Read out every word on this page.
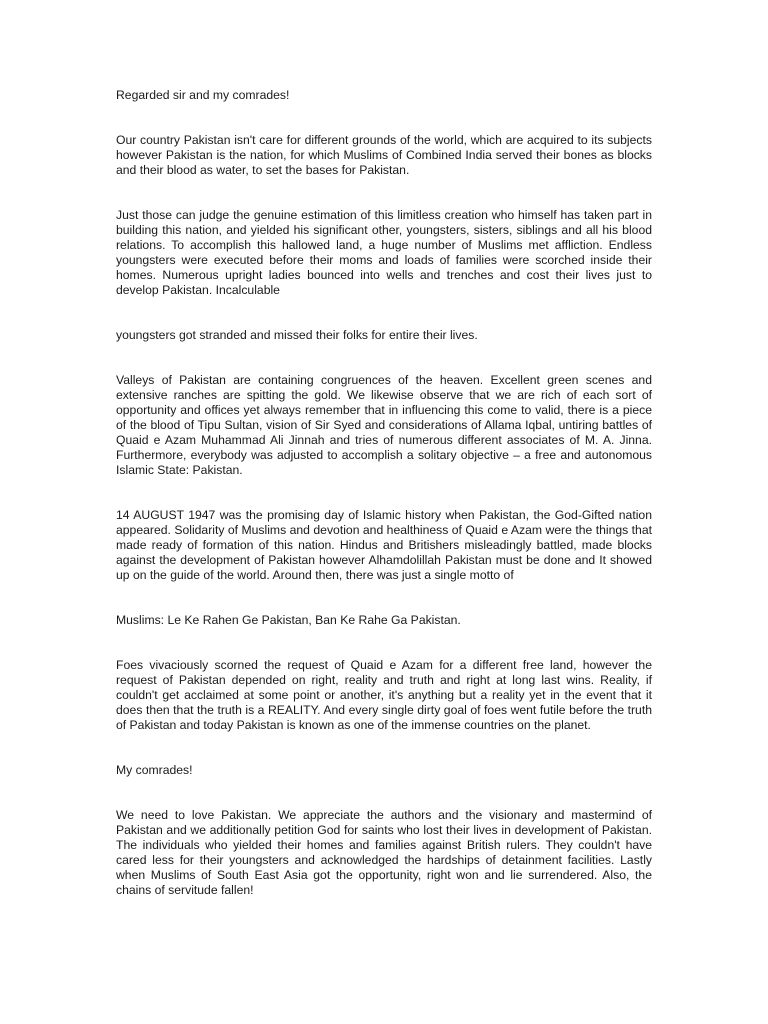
Regarded sir and my comrades!

Our country Pakistan isn't care for different grounds of the world, which are acquired to its subjects however Pakistan is the nation, for which Muslims of Combined India served their bones as blocks and their blood as water, to set the bases for Pakistan.

Just those can judge the genuine estimation of this limitless creation who himself has taken part in building this nation, and yielded his significant other, youngsters, sisters, siblings and all his blood relations. To accomplish this hallowed land, a huge number of Muslims met affliction. Endless youngsters were executed before their moms and loads of families were scorched inside their homes. Numerous upright ladies bounced into wells and trenches and cost their lives just to develop Pakistan. Incalculable

youngsters got stranded and missed their folks for entire their lives.

Valleys of Pakistan are containing congruences of the heaven. Excellent green scenes and extensive ranches are spitting the gold. We likewise observe that we are rich of each sort of opportunity and offices yet always remember that in influencing this come to valid, there is a piece of the blood of Tipu Sultan, vision of Sir Syed and considerations of Allama Iqbal, untiring battles of Quaid e Azam Muhammad Ali Jinnah and tries of numerous different associates of M. A. Jinna. Furthermore, everybody was adjusted to accomplish a solitary objective – a free and autonomous Islamic State: Pakistan.

14 AUGUST 1947 was the promising day of Islamic history when Pakistan, the God-Gifted nation appeared. Solidarity of Muslims and devotion and healthiness of Quaid e Azam were the things that made ready of formation of this nation. Hindus and Britishers misleadingly battled, made blocks against the development of Pakistan however Alhamdolillah Pakistan must be done and It showed up on the guide of the world. Around then, there was just a single motto of

Muslims: Le Ke Rahen Ge Pakistan, Ban Ke Rahe Ga Pakistan.

Foes vivaciously scorned the request of Quaid e Azam for a different free land, however the request of Pakistan depended on right, reality and truth and right at long last wins. Reality, if couldn't get acclaimed at some point or another, it's anything but a reality yet in the event that it does then that the truth is a REALITY. And every single dirty goal of foes went futile before the truth of Pakistan and today Pakistan is known as one of the immense countries on the planet.

My comrades!

We need to love Pakistan. We appreciate the authors and the visionary and mastermind of Pakistan and we additionally petition God for saints who lost their lives in development of Pakistan. The individuals who yielded their homes and families against British rulers. They couldn't have cared less for their youngsters and acknowledged the hardships of detainment facilities. Lastly when Muslims of South East Asia got the opportunity, right won and lie surrendered. Also, the chains of servitude fallen!
